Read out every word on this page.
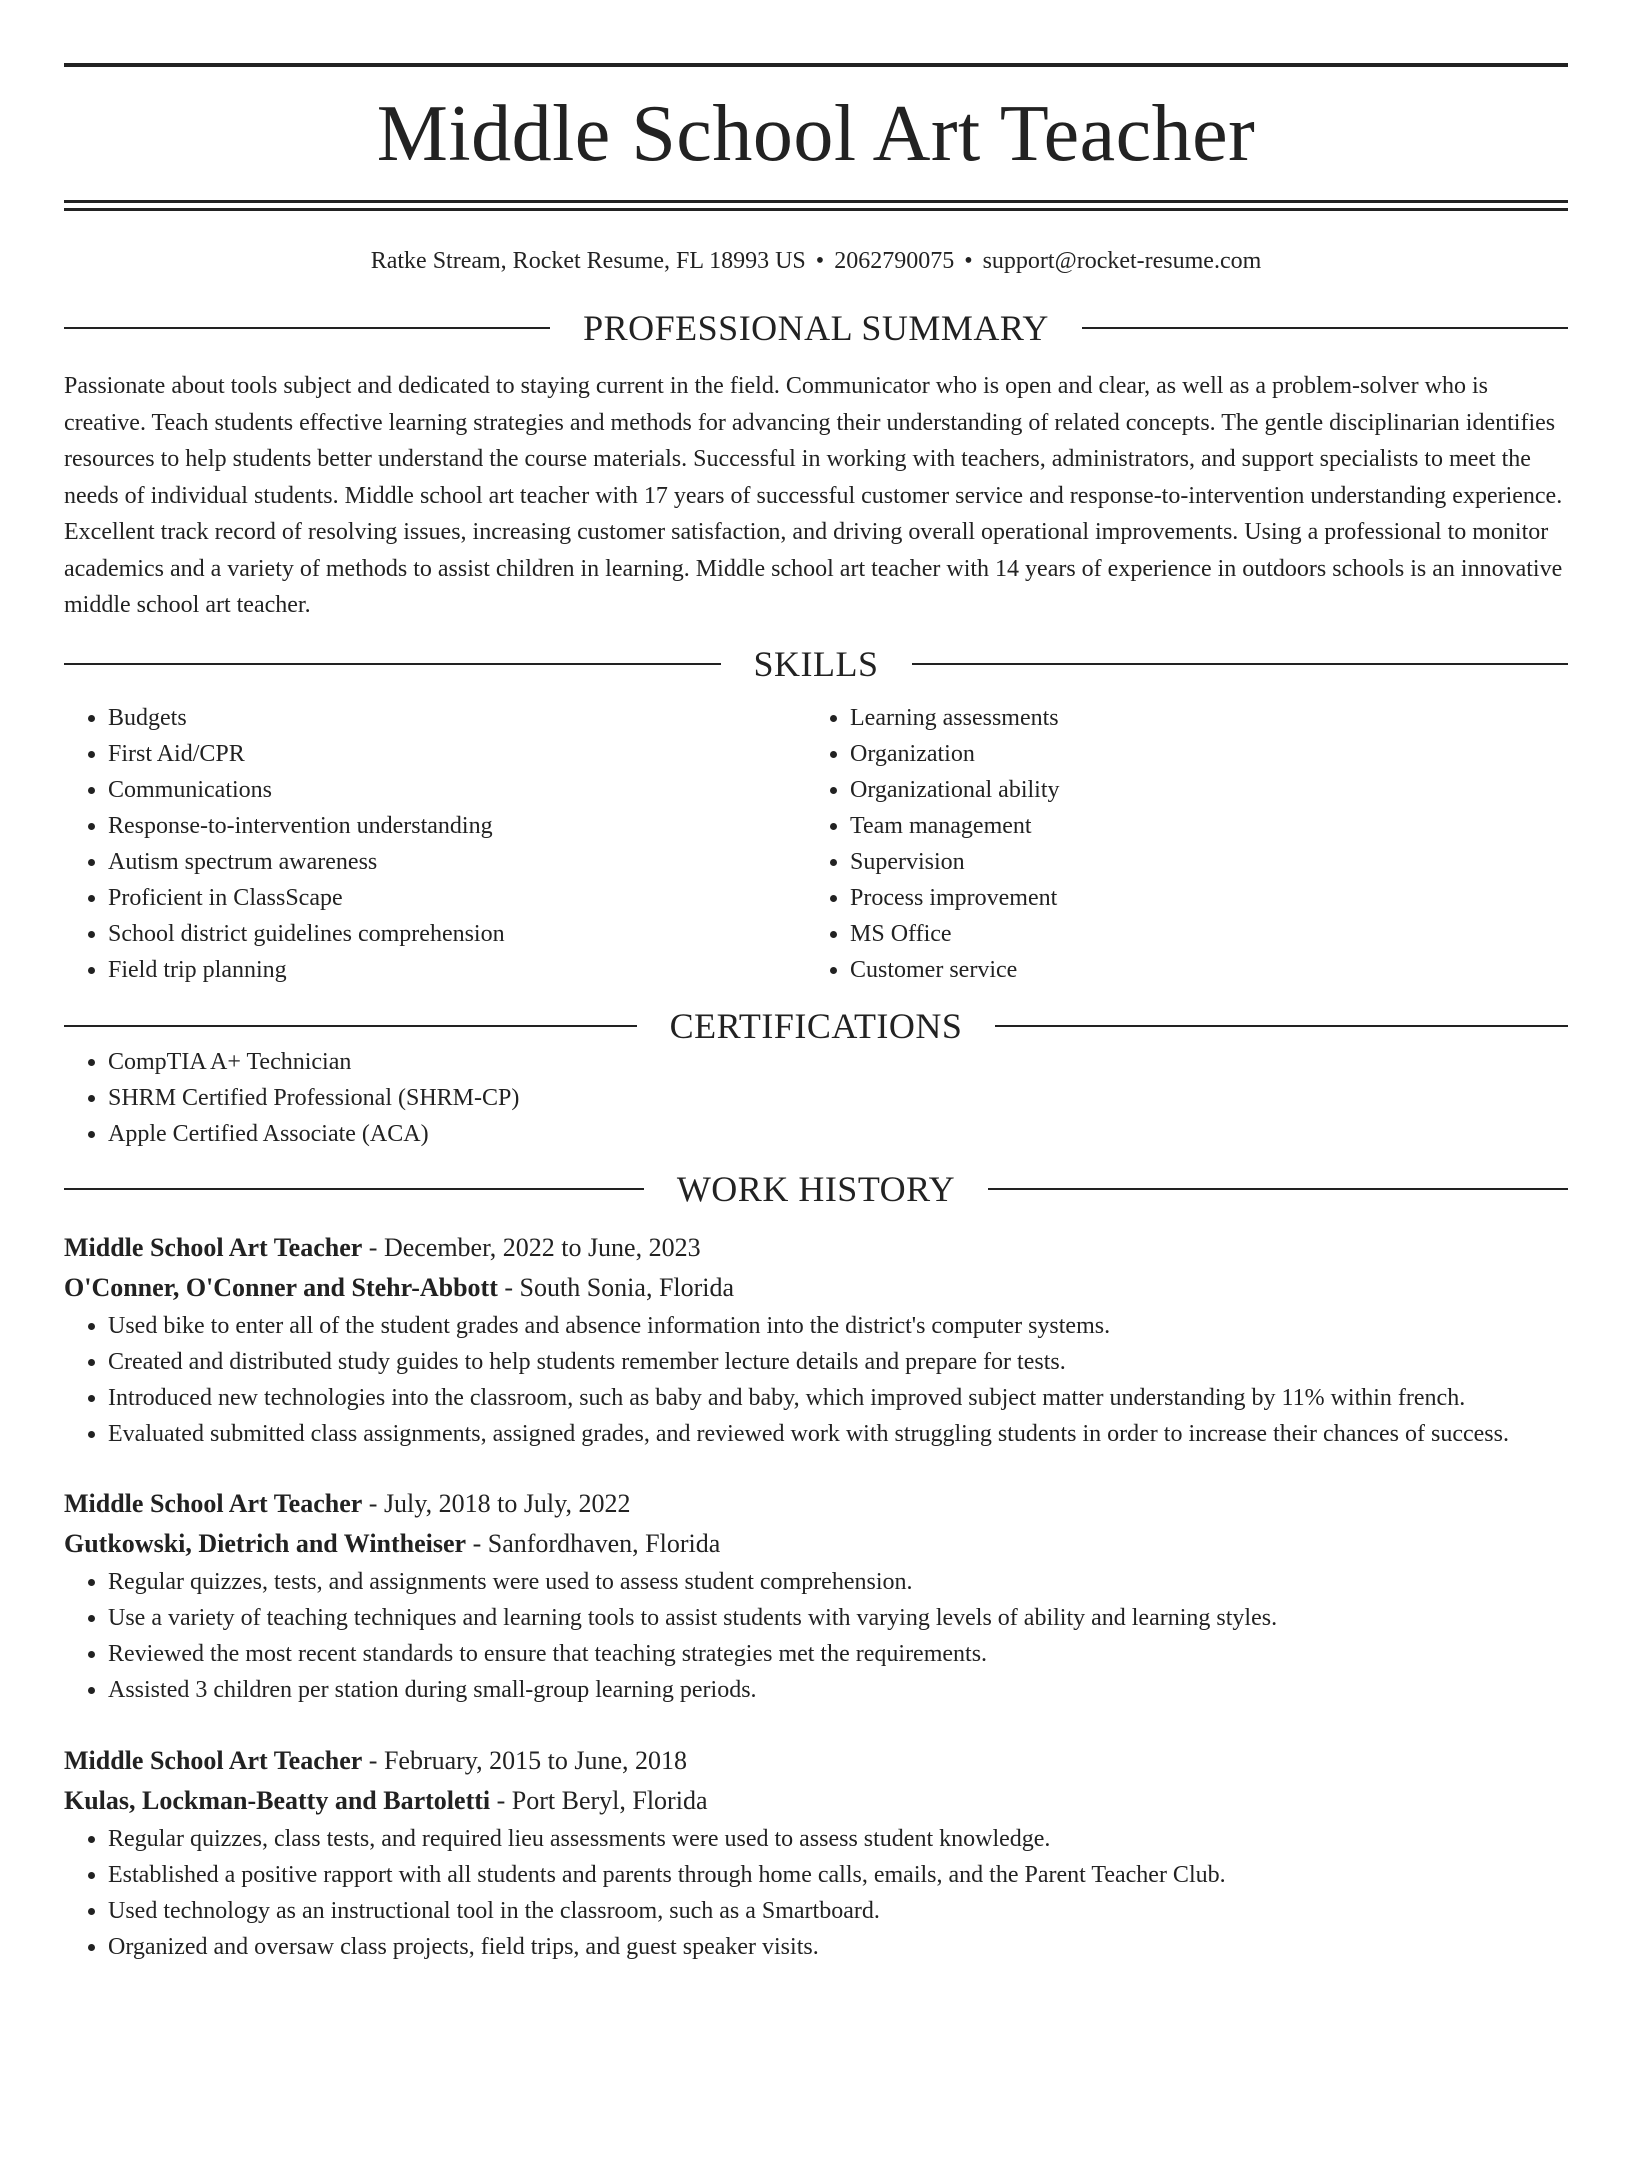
Middle School Art Teacher
Ratke Stream, Rocket Resume, FL 18993 US • 2062790075 • support@rocket-resume.com
PROFESSIONAL SUMMARY

Passionate about tools subject and dedicated to staying current in the field. Communicator who is open and clear, as well as a problem-solver who is creative. Teach students effective learning strategies and methods for advancing their understanding of related concepts. The gentle disciplinarian identifies resources to help students better understand the course materials. Successful in working with teachers, administrators, and support specialists to meet the needs of individual students. Middle school art teacher with 17 years of successful customer service and response-to-intervention understanding experience. Excellent track record of resolving issues, increasing customer satisfaction, and driving overall operational improvements. Using a professional to monitor academics and a variety of methods to assist children in learning. Middle school art teacher with 14 years of experience in outdoors schools is an innovative middle school art teacher.

SKILLS
• Budgets
• First Aid/CPR
• Communications
• Response-to-intervention understanding
• Autism spectrum awareness
• Proficient in ClassScape
• School district guidelines comprehension
• Field trip planning
• Learning assessments
• Organization
• Organizational ability
• Team management
• Supervision
• Process improvement
• MS Office
• Customer service
CERTIFICATIONS
• CompTIA A+ Technician
• SHRM Certified Professional (SHRM-CP)
• Apple Certified Associate (ACA)
WORK HISTORY
Middle School Art Teacher - December, 2022 to June, 2023
O'Conner, O'Conner and Stehr-Abbott - South Sonia, Florida
• Used bike to enter all of the student grades and absence information into the district's computer systems.
• Created and distributed study guides to help students remember lecture details and prepare for tests.
• Introduced new technologies into the classroom, such as baby and baby, which improved subject matter understanding by 11% within french.
• Evaluated submitted class assignments, assigned grades, and reviewed work with struggling students in order to increase their chances of success.
Middle School Art Teacher - July, 2018 to July, 2022
Gutkowski, Dietrich and Wintheiser - Sanfordhaven, Florida
• Regular quizzes, tests, and assignments were used to assess student comprehension.
• Use a variety of teaching techniques and learning tools to assist students with varying levels of ability and learning styles.
• Reviewed the most recent standards to ensure that teaching strategies met the requirements.
• Assisted 3 children per station during small-group learning periods.
Middle School Art Teacher - February, 2015 to June, 2018
Kulas, Lockman-Beatty and Bartoletti - Port Beryl, Florida
• Regular quizzes, class tests, and required lieu assessments were used to assess student knowledge.
• Established a positive rapport with all students and parents through home calls, emails, and the Parent Teacher Club.
• Used technology as an instructional tool in the classroom, such as a Smartboard.
• Organized and oversaw class projects, field trips, and guest speaker visits.
